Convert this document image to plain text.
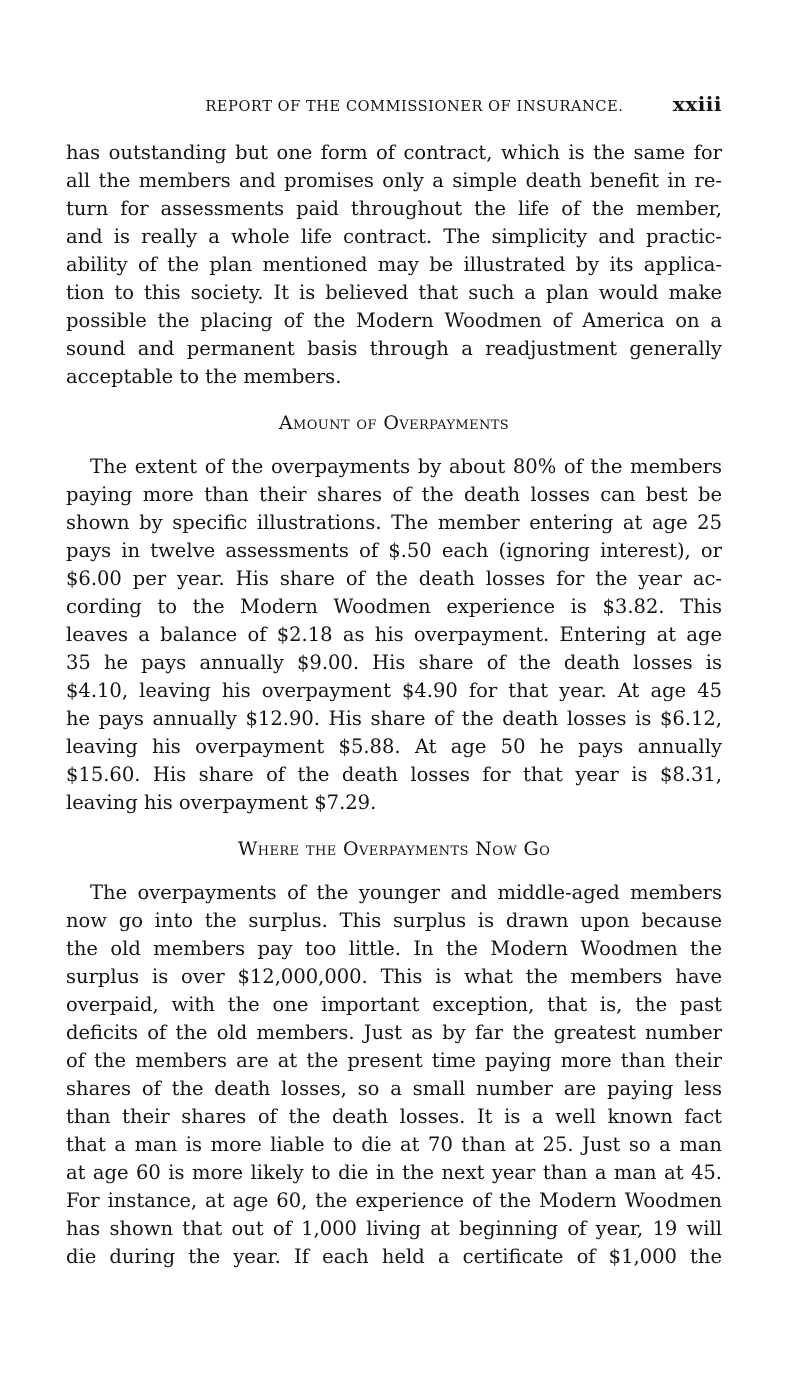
REPORT OF THE COMMISSIONER OF INSURANCE.	xxiii
has outstanding but one form of contract, which is the same for
all the members and promises only a simple death benefit in re-
turn for assessments paid throughout the life of the member,
and is really a whole life contract. The simplicity and practic-
ability of the plan mentioned may be illustrated by its applica-
tion to this society. It is believed that such a plan would make
possible the placing of the Modern Woodmen of America on a
sound and permanent basis through a readjustment generally
acceptable to the members.
Amount of Overpayments
The extent of the overpayments by about 80% of the members
paying more than their shares of the death losses can best be
shown by specific illustrations. The member entering at age 25
pays in twelve assessments of $.50 each (ignoring interest), or
$6.00 per year. His share of the death losses for the year ac-
cording to the Modern Woodmen experience is $3.82. This
leaves a balance of $2.18 as his overpayment. Entering at age
35 he pays annually $9.00. His share of the death losses is
$4.10, leaving his overpayment $4.90 for that year. At age 45
he pays annually $12.90. His share of the death losses is $6.12,
leaving his overpayment $5.88. At age 50 he pays annually
$15.60. His share of the death losses for that year is $8.31,
leaving his overpayment $7.29.
Where the Overpayments Now Go
The overpayments of the younger and middle-aged members
now go into the surplus. This surplus is drawn upon because
the old members pay too little. In the Modern Woodmen the
surplus is over $12,000,000. This is what the members have
overpaid, with the one important exception, that is, the past
deficits of the old members. Just as by far the greatest number
of the members are at the present time paying more than their
shares of the death losses, so a small number are paying less
than their shares of the death losses. It is a well known fact
that a man is more liable to die at 70 than at 25. Just so a man
at age 60 is more likely to die in the next year than a man at 45.
For instance, at age 60, the experience of the Modern Woodmen
has shown that out of 1,000 living at beginning of year, 19 will
die during the year. If each held a certificate of $1,000 the
